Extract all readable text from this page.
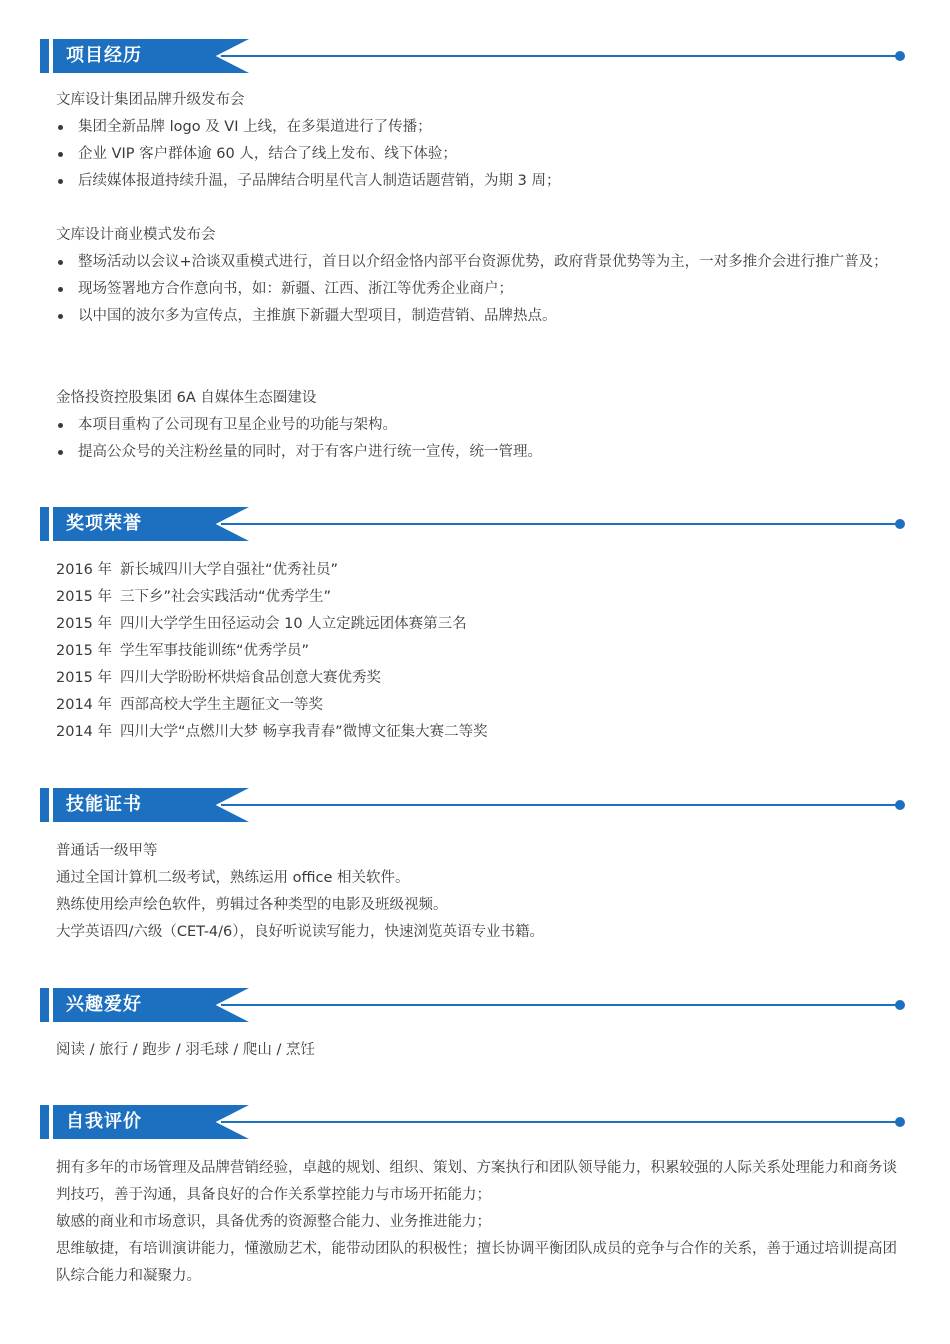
项目经历
文库设计集团品牌升级发布会
集团全新品牌 logo 及 VI 上线，在多渠道进行了传播；
企业 VIP 客户群体逾 60 人，结合了线上发布、线下体验；
后续媒体报道持续升温，子品牌结合明星代言人制造话题营销，为期 3 周；
文库设计商业模式发布会
整场活动以会议+洽谈双重模式进行，首日以介绍金恪内部平台资源优势，政府背景优势等为主，一对多推介会进行推广普及；
现场签署地方合作意向书，如：新疆、江西、浙江等优秀企业商户；
以中国的波尔多为宣传点，主推旗下新疆大型项目，制造营销、品牌热点。
金恪投资控股集团 6A 自媒体生态圈建设
本项目重构了公司现有卫星企业号的功能与架构。
提高公众号的关注粉丝量的同时，对于有客户进行统一宣传，统一管理。
奖项荣誉
2016 年 新长城四川大学自强社“优秀社员”
2015 年 三下乡”社会实践活动“优秀学生”
2015 年 四川大学学生田径运动会 10 人立定跳远团体赛第三名
2015 年 学生军事技能训练“优秀学员”
2015 年 四川大学盼盼杯烘焙食品创意大赛优秀奖
2014 年 西部高校大学生主题征文一等奖
2014 年 四川大学“点燃川大梦 畅享我青春”微博文征集大赛二等奖
技能证书
普通话一级甲等
通过全国计算机二级考试，熟练运用 office 相关软件。
熟练使用绘声绘色软件，剪辑过各种类型的电影及班级视频。
大学英语四/六级（CET-4/6），良好听说读写能力，快速浏览英语专业书籍。
兴趣爱好
阅读 / 旅行 / 跑步 / 羽毛球 / 爬山 / 烹饪
自我评价
拥有多年的市场管理及品牌营销经验，卓越的规划、组织、策划、方案执行和团队领导能力，积累较强的人际关系处理能力和商务谈判技巧，善于沟通，具备良好的合作关系掌控能力与市场开拓能力；
敏感的商业和市场意识，具备优秀的资源整合能力、业务推进能力；
思维敏捷，有培训演讲能力，懂激励艺术，能带动团队的积极性；擅长协调平衡团队成员的竞争与合作的关系，善于通过培训提高团队综合能力和凝聚力。
